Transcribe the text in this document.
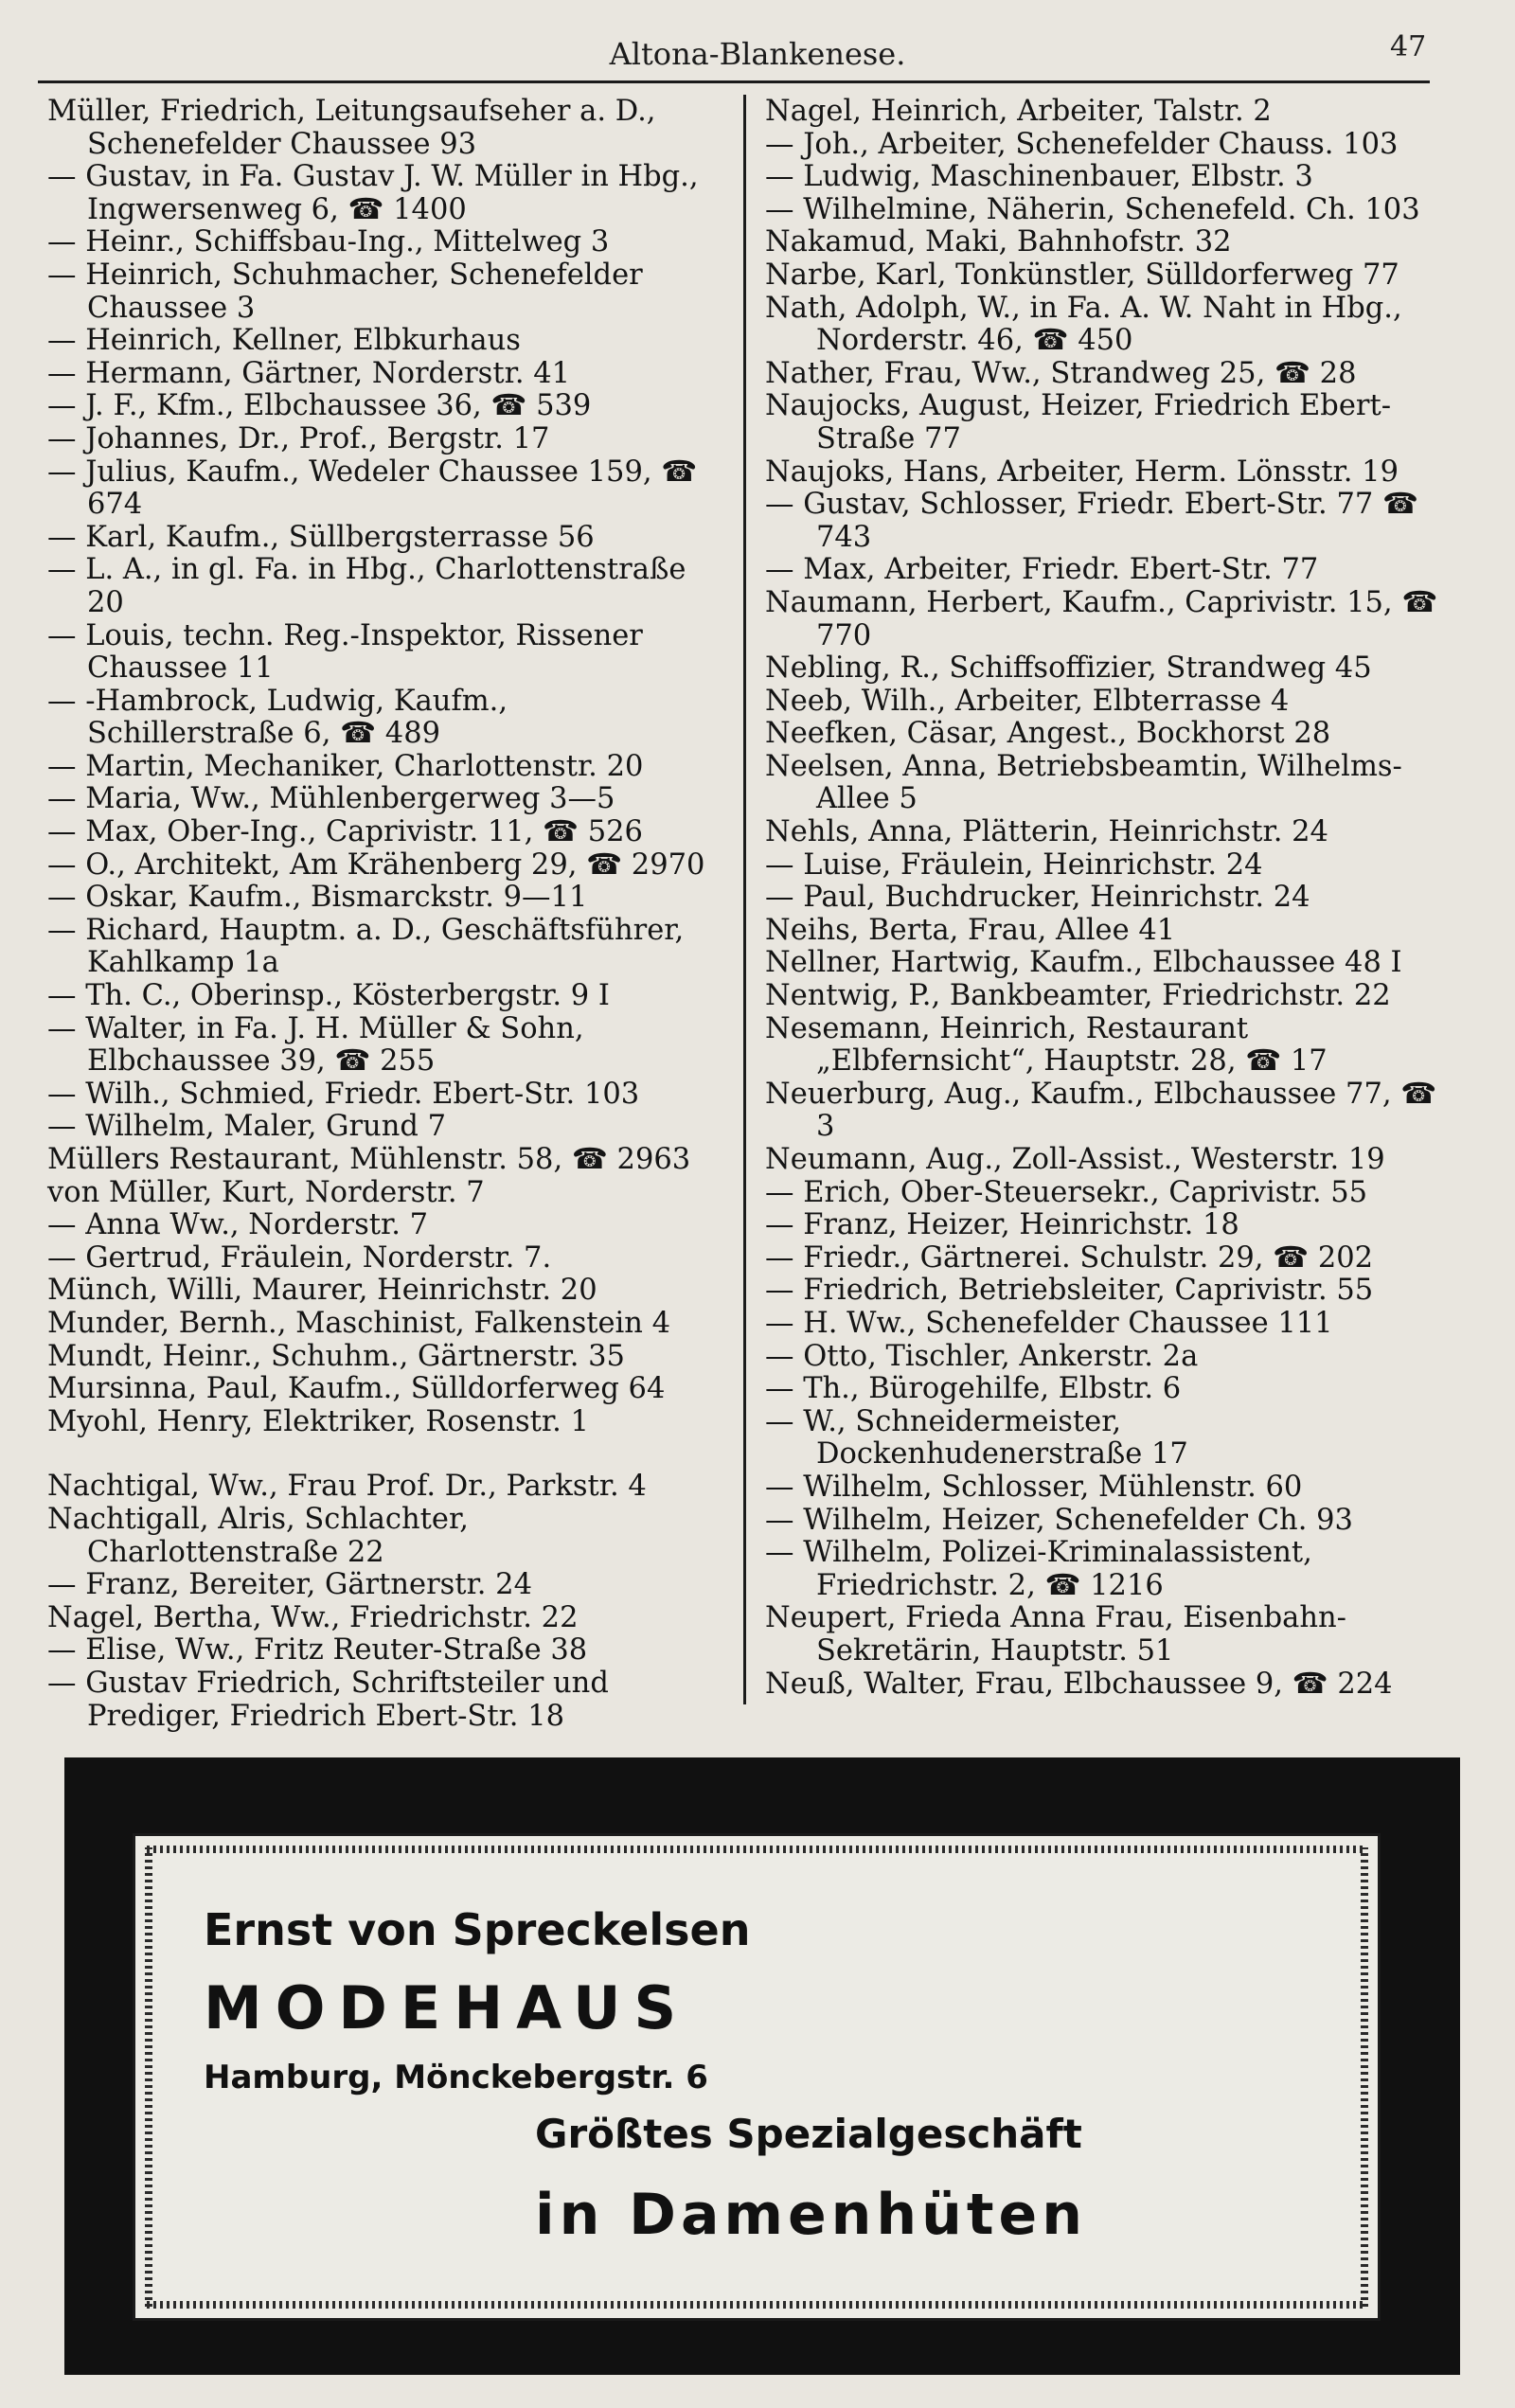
Altona-Blankenese.	47
Müller, Friedrich, Leitungsaufseher a. D., Schenefelder Chaussee 93
— Gustav, in Fa. Gustav J. W. Müller in Hbg., Ingwersenweg 6, ☎ 1400
— Heinr., Schiffsbau-Ing., Mittelweg 3
— Heinrich, Schuhmacher, Schenefelder Chaussee 3
— Heinrich, Kellner, Elbkurhaus
— Hermann, Gärtner, Norderstr. 41
— J. F., Kfm., Elbchaussee 36, ☎ 539
— Johannes, Dr., Prof., Bergstr. 17
— Julius, Kaufm., Wedeler Chaussee 159, ☎ 674
— Karl, Kaufm., Süllbergsterrasse 56
— L. A., in gl. Fa. in Hbg., Charlottenstraße 20
— Louis, techn. Reg.-Inspektor, Rissener Chaussee 11
— -Hambrock, Ludwig, Kaufm., Schillerstraße 6, ☎ 489
— Martin, Mechaniker, Charlottenstr. 20
— Maria, Ww., Mühlenbergerweg 3—5
— Max, Ober-Ing., Caprivistr. 11, ☎ 526
— O., Architekt, Am Krähenberg 29, ☎ 2970
— Oskar, Kaufm., Bismarckstr. 9—11
— Richard, Hauptm. a. D., Geschäftsführer, Kahlkamp 1a
— Th. C., Oberinsp., Kösterbergstr. 9 I
— Walter, in Fa. J. H. Müller & Sohn, Elbchaussee 39, ☎ 255
— Wilh., Schmied, Friedr. Ebert-Str. 103
— Wilhelm, Maler, Grund 7
Müllers Restaurant, Mühlenstr. 58, ☎ 2963
von Müller, Kurt, Norderstr. 7
— Anna Ww., Norderstr. 7
— Gertrud, Fräulein, Norderstr. 7.
Münch, Willi, Maurer, Heinrichstr. 20
Munder, Bernh., Maschinist, Falkenstein 4
Mundt, Heinr., Schuhm., Gärtnerstr. 35
Mursinna, Paul, Kaufm., Sülldorferweg 64
Myohl, Henry, Elektriker, Rosenstr. 1
Nachtigal, Ww., Frau Prof. Dr., Parkstr. 4
Nachtigall, Alris, Schlachter, Charlottenstraße 22
— Franz, Bereiter, Gärtnerstr. 24
Nagel, Bertha, Ww., Friedrichstr. 22
— Elise, Ww., Fritz Reuter-Straße 38
— Gustav Friedrich, Schriftsteiler und Prediger, Friedrich Ebert-Str. 18
Nagel, Heinrich, Arbeiter, Talstr. 2
— Joh., Arbeiter, Schenefelder Chauss. 103
— Ludwig, Maschinenbauer, Elbstr. 3
— Wilhelmine, Näherin, Schenefeld. Ch. 103
Nakamud, Maki, Bahnhofstr. 32
Narbe, Karl, Tonkünstler, Sülldorferweg 77
Nath, Adolph, W., in Fa. A. W. Naht in Hbg., Norderstr. 46, ☎ 450
Nather, Frau, Ww., Strandweg 25, ☎ 28
Naujocks, August, Heizer, Friedrich Ebert-Straße 77
Naujoks, Hans, Arbeiter, Herm. Lönsstr. 19
— Gustav, Schlosser, Friedr. Ebert-Str. 77 ☎ 743
— Max, Arbeiter, Friedr. Ebert-Str. 77
Naumann, Herbert, Kaufm., Caprivistr. 15, ☎ 770
Nebling, R., Schiffsoffizier, Strandweg 45
Neeb, Wilh., Arbeiter, Elbterrasse 4
Neefken, Cäsar, Angest., Bockhorst 28
Neelsen, Anna, Betriebsbeamtin, Wilhelms-Allee 5
Nehls, Anna, Plätterin, Heinrichstr. 24
— Luise, Fräulein, Heinrichstr. 24
— Paul, Buchdrucker, Heinrichstr. 24
Neihs, Berta, Frau, Allee 41
Nellner, Hartwig, Kaufm., Elbchaussee 48 I
Nentwig, P., Bankbeamter, Friedrichstr. 22
Nesemann, Heinrich, Restaurant „Elbfernsicht“, Hauptstr. 28, ☎ 17
Neuerburg, Aug., Kaufm., Elbchaussee 77, ☎ 3
Neumann, Aug., Zoll-Assist., Westerstr. 19
— Erich, Ober-Steuersekr., Caprivistr. 55
— Franz, Heizer, Heinrichstr. 18
— Friedr., Gärtnerei. Schulstr. 29, ☎ 202
— Friedrich, Betriebsleiter, Caprivistr. 55
— H. Ww., Schenefelder Chaussee 111
— Otto, Tischler, Ankerstr. 2a
— Th., Bürogehilfe, Elbstr. 6
— W., Schneidermeister, Dockenhudenerstraße 17
— Wilhelm, Schlosser, Mühlenstr. 60
— Wilhelm, Heizer, Schenefelder Ch. 93
— Wilhelm, Polizei-Kriminalassistent, Friedrichstr. 2, ☎ 1216
Neupert, Frieda Anna Frau, Eisenbahn-Sekretärin, Hauptstr. 51
Neuß, Walter, Frau, Elbchaussee 9, ☎ 224
Ernst von Spreckelsen
MODEHAUS
Hamburg, Mönckebergstr. 6
Größtes Spezialgeschäft
in Damenhüten
